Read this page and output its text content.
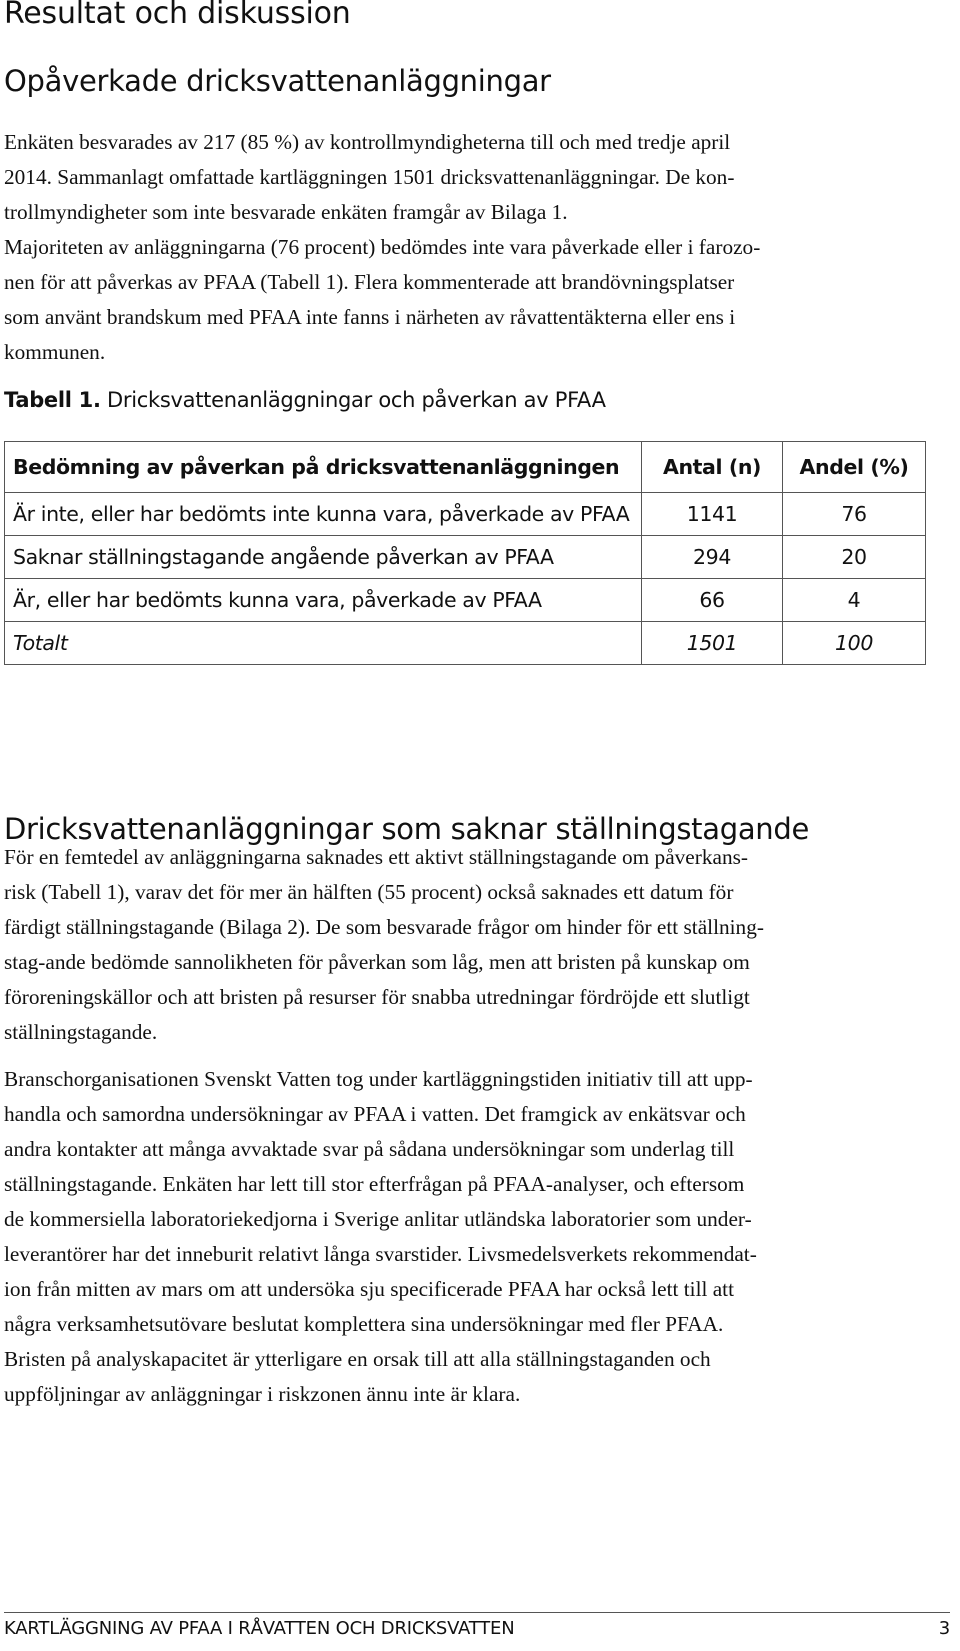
Resultat och diskussion
Opåverkade dricksvattenanläggningar

Enkäten besvarades av 217 (85 %) av kontrollmyndigheterna till och med tredje april
2014. Sammanlagt omfattade kartläggningen 1501 dricksvattenanläggningar. De kon-
trollmyndigheter som inte besvarade enkäten framgår av Bilaga 1.
Majoriteten av anläggningarna (76 procent) bedömdes inte vara påverkade eller i farozo-
nen för att påverkas av PFAA (Tabell 1). Flera kommenterade att brandövningsplatser
som använt brandskum med PFAA inte fanns i närheten av råvattentäkterna eller ens i
kommunen.

Tabell 1. Dricksvattenanläggningar och påverkan av PFAA

Bedömning av påverkan på dricksvattenanläggningen	Antal (n)	Andel (%)
Är inte, eller har bedömts inte kunna vara, påverkade av PFAA	1141	76
Saknar ställningstagande angående påverkan av PFAA	294	20
Är, eller har bedömts kunna vara, påverkade av PFAA	66	4
Totalt	1501	100
Dricksvattenanläggningar som saknar ställningstagande

För en femtedel av anläggningarna saknades ett aktivt ställningstagande om påverkans-
risk (Tabell 1), varav det för mer än hälften (55 procent) också saknades ett datum för
färdigt ställningstagande (Bilaga 2). De som besvarade frågor om hinder för ett ställning-
stag-ande bedömde sannolikheten för påverkan som låg, men att bristen på kunskap om
föroreningskällor och att bristen på resurser för snabba utredningar fördröjde ett slutligt
ställningstagande.

Branschorganisationen Svenskt Vatten tog under kartläggningstiden initiativ till att upp-
handla och samordna undersökningar av PFAA i vatten. Det framgick av enkätsvar och
andra kontakter att många avvaktade svar på sådana undersökningar som underlag till
ställningstagande. Enkäten har lett till stor efterfrågan på PFAA-analyser, och eftersom
de kommersiella laboratoriekedjorna i Sverige anlitar utländska laboratorier som under-
leverantörer har det inneburit relativt långa svarstider. Livsmedelsverkets rekommendat-
ion från mitten av mars om att undersöka sju specificerade PFAA har också lett till att
några verksamhetsutövare beslutat komplettera sina undersökningar med fler PFAA.
Bristen på analyskapacitet är ytterligare en orsak till att alla ställningstaganden och
uppföljningar av anläggningar i riskzonen ännu inte är klara.

KARTLÄGGNING AV PFAA I RÅVATTEN OCH DRICKSVATTEN	3
